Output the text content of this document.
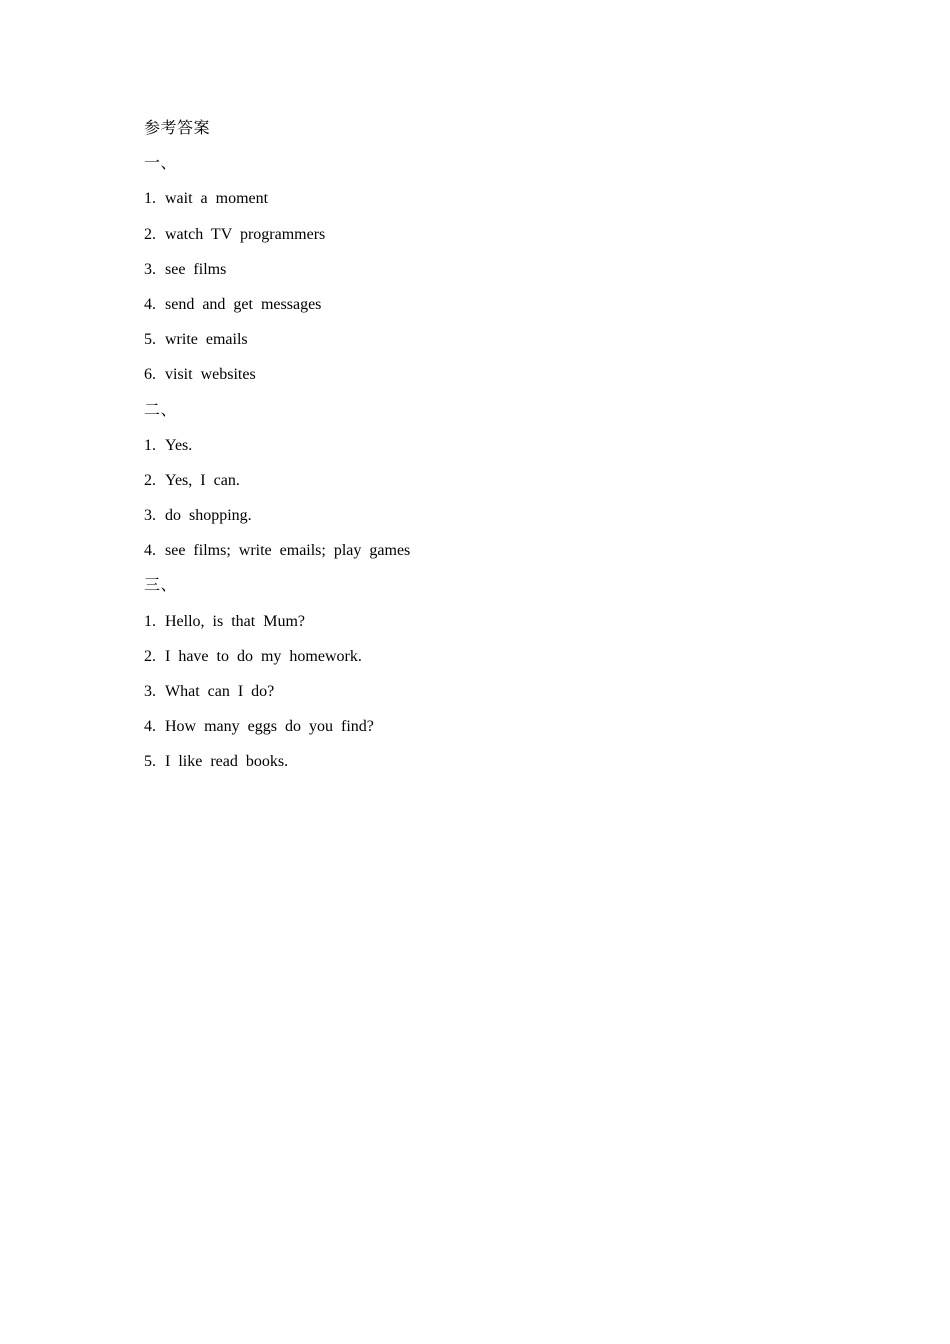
参考答案
一、
1. wait a moment
2. watch TV programmers
3. see films
4. send and get messages
5. write emails
6. visit websites
二、
1. Yes.
2. Yes, I can.
3. do shopping.
4. see films; write emails; play games
三、
1. Hello, is that Mum?
2. I have to do my homework.
3. What can I do?
4. How many eggs do you find?
5. I like read books.
